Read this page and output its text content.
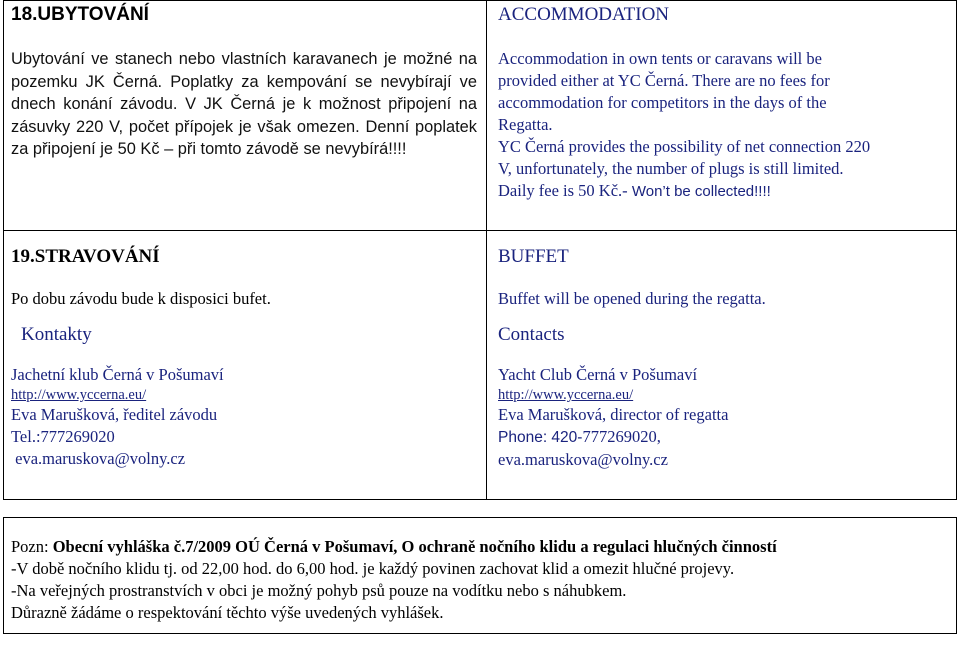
18.UBYTOVÁNÍ

Ubytování ve stanech nebo vlastních karavanech je možné na pozemku JK Černá. Poplatky za kempování se nevybírají ve dnech konání závodu. V JK Černá je k možnost připojení na zásuvky 220 V, počet přípojek je však omezen. Denní poplatek za připojení je 50 Kč – při tomto závodě se nevybírá!!!!

ACCOMMODATION
Accommodation in own tents or caravans will be
provided either at YC Černá. There are no fees for
accommodation for competitors in the days of the
Regatta.
YC Černá provides the possibility of net connection 220
V, unfortunately, the number of plugs is still limited.
Daily fee is 50 Kč.- Won’t be collected!!!!
19.STRAVOVÁNÍ
Po dobu závodu bude k disposici bufet.
Kontakty
Jachetní klub Černá v Pošumaví
http://www.yccerna.eu/
Eva Marušková, ředitel závodu
Tel.:777269020
eva.maruskova@volny.cz
BUFFET
Buffet will be opened during the regatta.
Contacts
Yacht Club Černá v Pošumaví
http://www.yccerna.eu/
Eva Marušková, director of regatta
Phone: 420-777269020,
eva.maruskova@volny.cz
Pozn: Obecní vyhláška č.7/2009 OÚ Černá v Pošumaví, O ochraně nočního klidu a regulaci hlučných činností
-V době nočního klidu tj. od 22,00 hod. do 6,00 hod. je každý povinen zachovat klid a omezit hlučné projevy.
-Na veřejných prostranstvích v obci je možný pohyb psů pouze na vodítku nebo s náhubkem.
Důrazně žádáme o respektování těchto výše uvedených vyhlášek.
